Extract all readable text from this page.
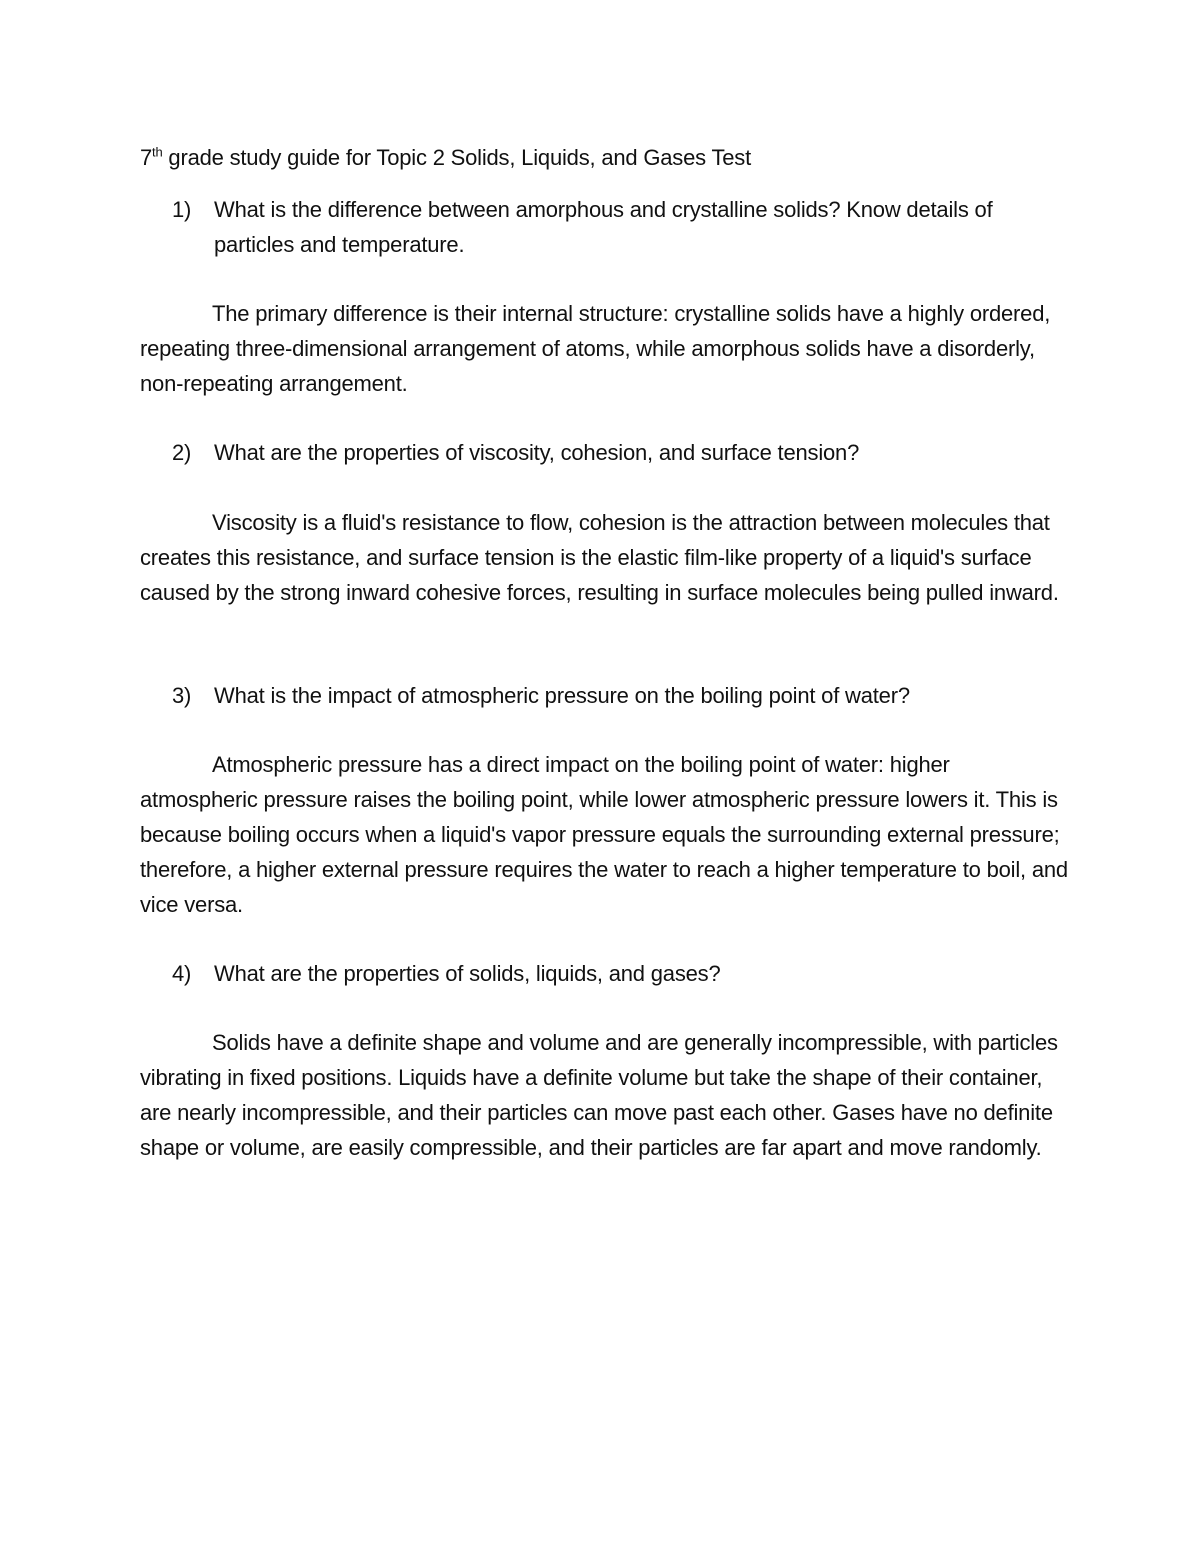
7th grade study guide for Topic 2 Solids, Liquids, and Gases Test
1) What is the difference between amorphous and crystalline solids? Know details of particles and temperature.
The primary difference is their internal structure: crystalline solids have a highly ordered, repeating three-dimensional arrangement of atoms, while amorphous solids have a disorderly, non-repeating arrangement.
2) What are the properties of viscosity, cohesion, and surface tension?
Viscosity is a fluid's resistance to flow, cohesion is the attraction between molecules that creates this resistance, and surface tension is the elastic film-like property of a liquid's surface caused by the strong inward cohesive forces, resulting in surface molecules being pulled inward.
3) What is the impact of atmospheric pressure on the boiling point of water?
Atmospheric pressure has a direct impact on the boiling point of water: higher atmospheric pressure raises the boiling point, while lower atmospheric pressure lowers it. This is because boiling occurs when a liquid's vapor pressure equals the surrounding external pressure; therefore, a higher external pressure requires the water to reach a higher temperature to boil, and vice versa.
4) What are the properties of solids, liquids, and gases?
Solids have a definite shape and volume and are generally incompressible, with particles vibrating in fixed positions. Liquids have a definite volume but take the shape of their container, are nearly incompressible, and their particles can move past each other. Gases have no definite shape or volume, are easily compressible, and their particles are far apart and move randomly.
